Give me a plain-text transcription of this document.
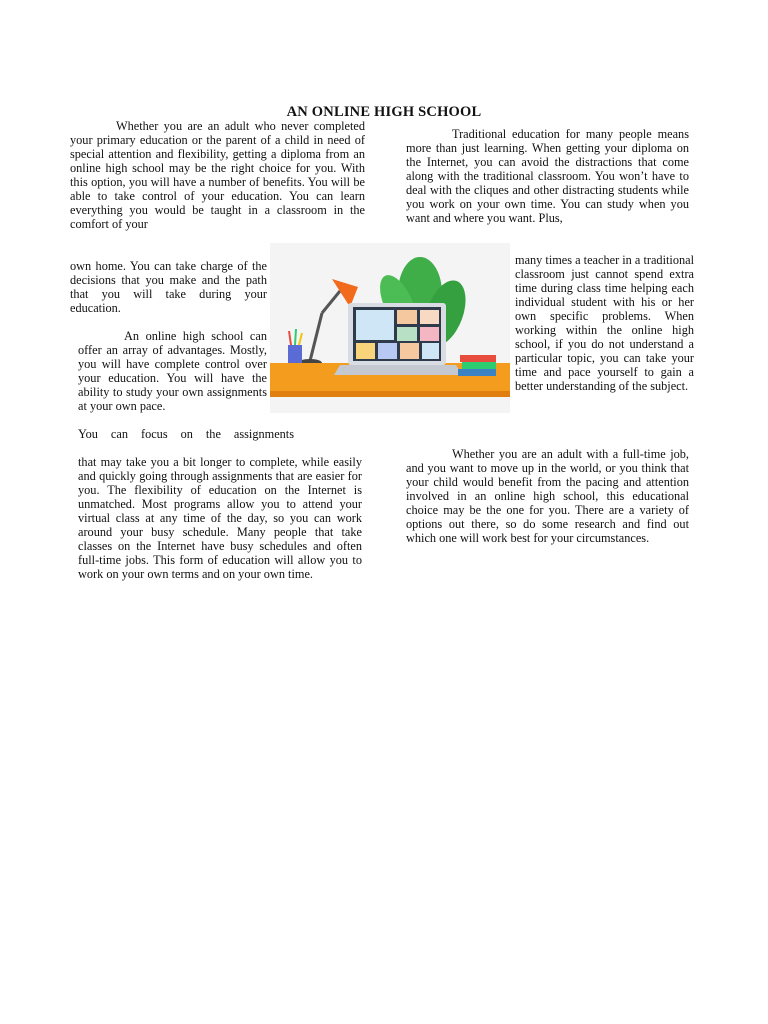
AN ONLINE HIGH SCHOOL

Whether you are an adult who never completed your primary education or the parent of a child in need of special attention and flexibility, getting a diploma from an online high school may be the right choice for you. With this option, you will have a number of benefits. You will be able to take control of your education. You can learn everything you would be taught in a classroom in the comfort of your

own home. You can take charge of the decisions that you make and the path that you will take during your education.

An online high school can offer an array of advantages. Mostly, you will have complete control over your education. You will have the ability to study your own assignments at your own pace.

You can focus on the assignments

that may take you a bit longer to complete, while easily and quickly going through assignments that are easier for you. The flexibility of education on the Internet is unmatched. Most programs allow you to attend your virtual class at any time of the day, so you can work around your busy schedule. Many people that take classes on the Internet have busy schedules and often full-time jobs. This form of education will allow you to work on your own terms and on your own time.

Traditional education for many people means more than just learning. When getting your diploma on the Internet, you can avoid the distractions that come along with the traditional classroom. You won’t have to deal with the cliques and other distracting students while you work on your own time. You can study when you want and where you want. Plus,

many times a teacher in a traditional classroom just cannot spend extra time during class time helping each individual student with his or her own specific problems. When working within the online high school, if you do not understand a particular topic, you can take your time and pace yourself to gain a better understanding of the subject.

Whether you are an adult with a full-time job, and you want to move up in the world, or you think that your child would benefit from the pacing and attention involved in an online high school, this educational choice may be the one for you. There are a variety of options out there, so do some research and find out which one will work best for your circumstances.
